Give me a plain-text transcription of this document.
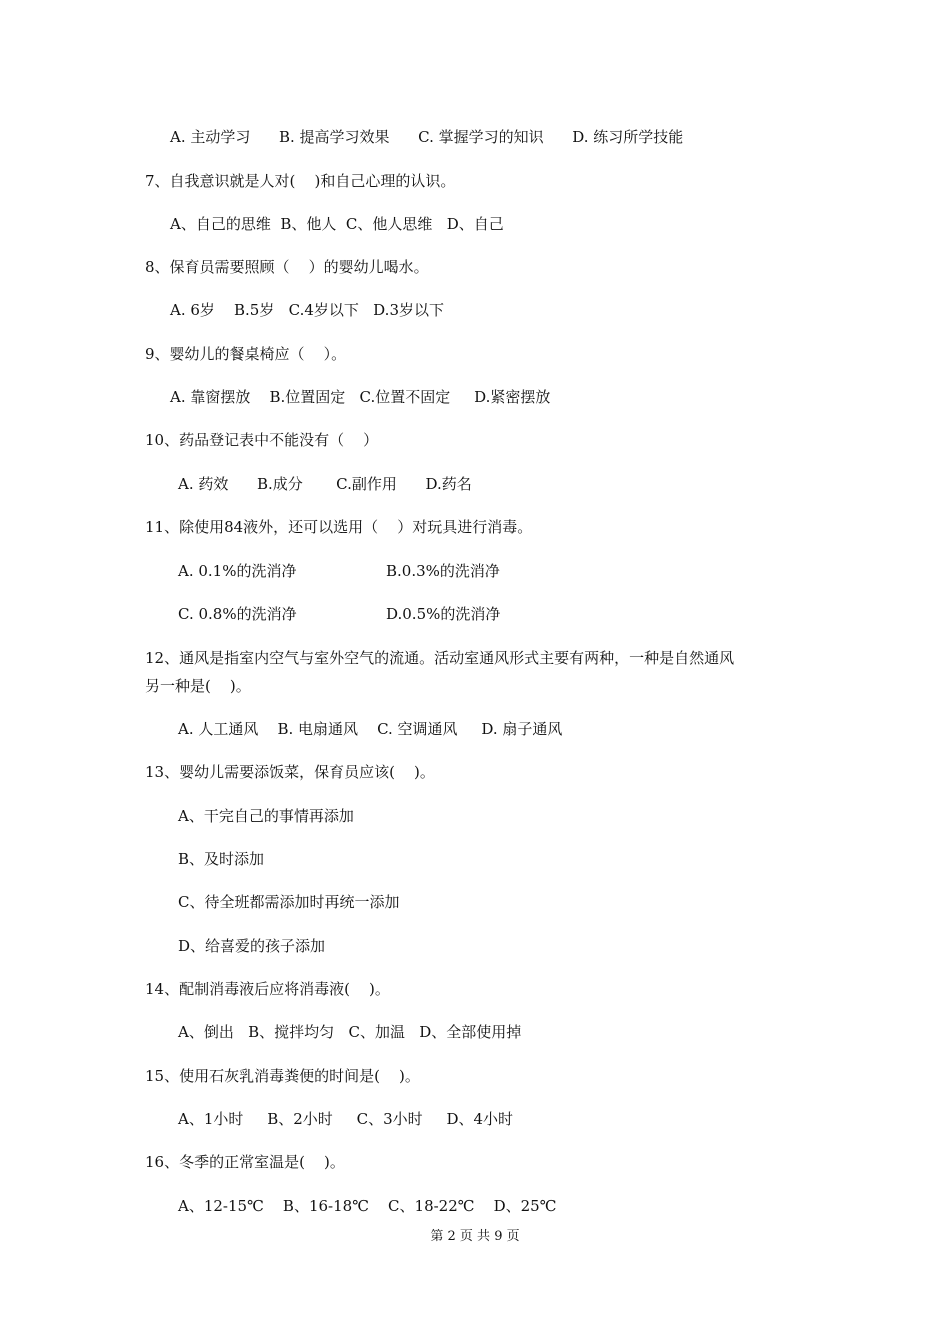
A. 主动学习      B. 提高学习效果      C. 掌握学习的知识      D. 练习所学技能
7、自我意识就是人对(    )和自己心理的认识。
A、自己的思维  B、他人  C、他人思维   D、自己
8、保育员需要照顾（    ）的婴幼儿喝水。
A. 6岁    B.5岁   C.4岁以下   D.3岁以下
9、婴幼儿的餐桌椅应（    ）。
A. 靠窗摆放    B.位置固定   C.位置不固定     D.紧密摆放
10、药品登记表中不能没有（    ）
A. 药效      B.成分       C.副作用      D.药名
11、除使用84液外，还可以选用（    ）对玩具进行消毒。
A. 0.1%的洗消净	B.0.3%的洗消净
C. 0.8%的洗消净	D.0.5%的洗消净
12、通风是指室内空气与室外空气的流通。活动室通风形式主要有两种，一种是自然通风
另一种是(    )。
A. 人工通风    B. 电扇通风    C. 空调通风     D. 扇子通风
13、婴幼儿需要添饭菜，保育员应该(    )。
A、干完自己的事情再添加
B、及时添加
C、待全班都需添加时再统一添加
D、给喜爱的孩子添加
14、配制消毒液后应将消毒液(    )。
A、倒出   B、搅拌均匀   C、加温   D、全部使用掉
15、使用石灰乳消毒粪便的时间是(    )。
A、1小时     B、2小时     C、3小时     D、4小时
16、冬季的正常室温是(    )。
A、12-15℃    B、16-18℃    C、18-22℃    D、25℃
第 2 页 共 9 页
